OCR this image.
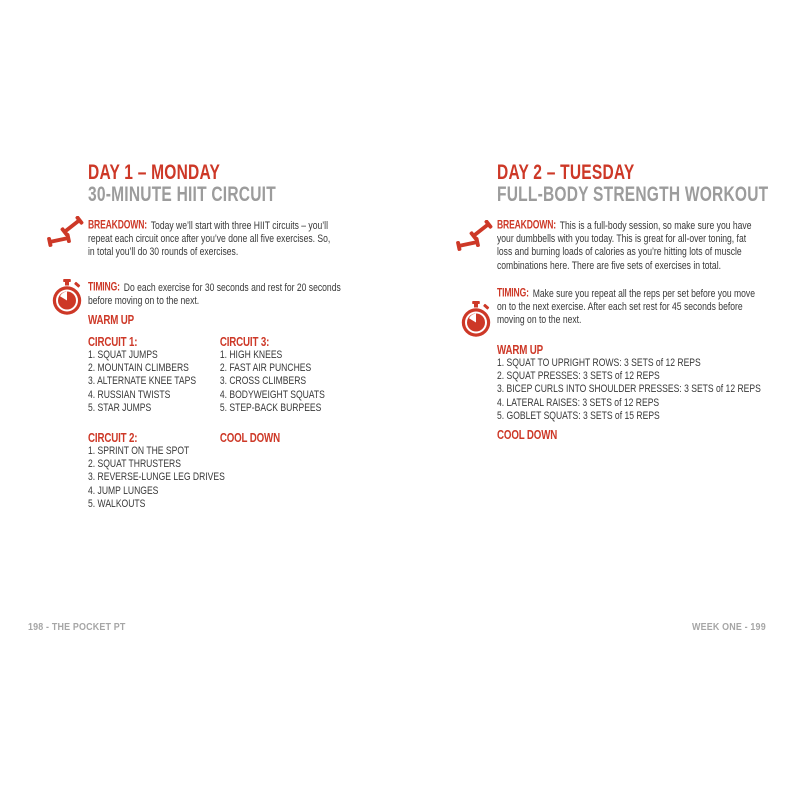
DAY 1 – MONDAY
30-MINUTE HIIT CIRCUIT
BREAKDOWN: Today we’ll start with three HIIT circuits – you’ll
repeat each circuit once after you’ve done all five exercises. So,
in total you’ll do 30 rounds of exercises.
TIMING: Do each exercise for 30 seconds and rest for 20 seconds
before moving on to the next.
WARM UP
CIRCUIT 1:
1. SQUAT JUMPS
2. MOUNTAIN CLIMBERS
3. ALTERNATE KNEE TAPS
4. RUSSIAN TWISTS
5. STAR JUMPS
CIRCUIT 2:
1. SPRINT ON THE SPOT
2. SQUAT THRUSTERS
3. REVERSE-LUNGE LEG DRIVES
4. JUMP LUNGES
5. WALKOUTS
CIRCUIT 3:
1. HIGH KNEES
2. FAST AIR PUNCHES
3. CROSS CLIMBERS
4. BODYWEIGHT SQUATS
5. STEP-BACK BURPEES
COOL DOWN
DAY 2 – TUESDAY
FULL-BODY STRENGTH WORKOUT
BREAKDOWN: This is a full-body session, so make sure you have
your dumbbells with you today. This is great for all-over toning, fat
loss and burning loads of calories as you’re hitting lots of muscle
combinations here. There are five sets of exercises in total.
TIMING: Make sure you repeat all the reps per set before you move
on to the next exercise. After each set rest for 45 seconds before
moving on to the next.
WARM UP
1. SQUAT TO UPRIGHT ROWS: 3 SETS of 12 REPS
2. SQUAT PRESSES: 3 SETS of 12 REPS
3. BICEP CURLS INTO SHOULDER PRESSES: 3 SETS of 12 REPS
4. LATERAL RAISES: 3 SETS of 12 REPS
5. GOBLET SQUATS: 3 SETS of 15 REPS
COOL DOWN
198 - THE POCKET PT	WEEK ONE - 199
